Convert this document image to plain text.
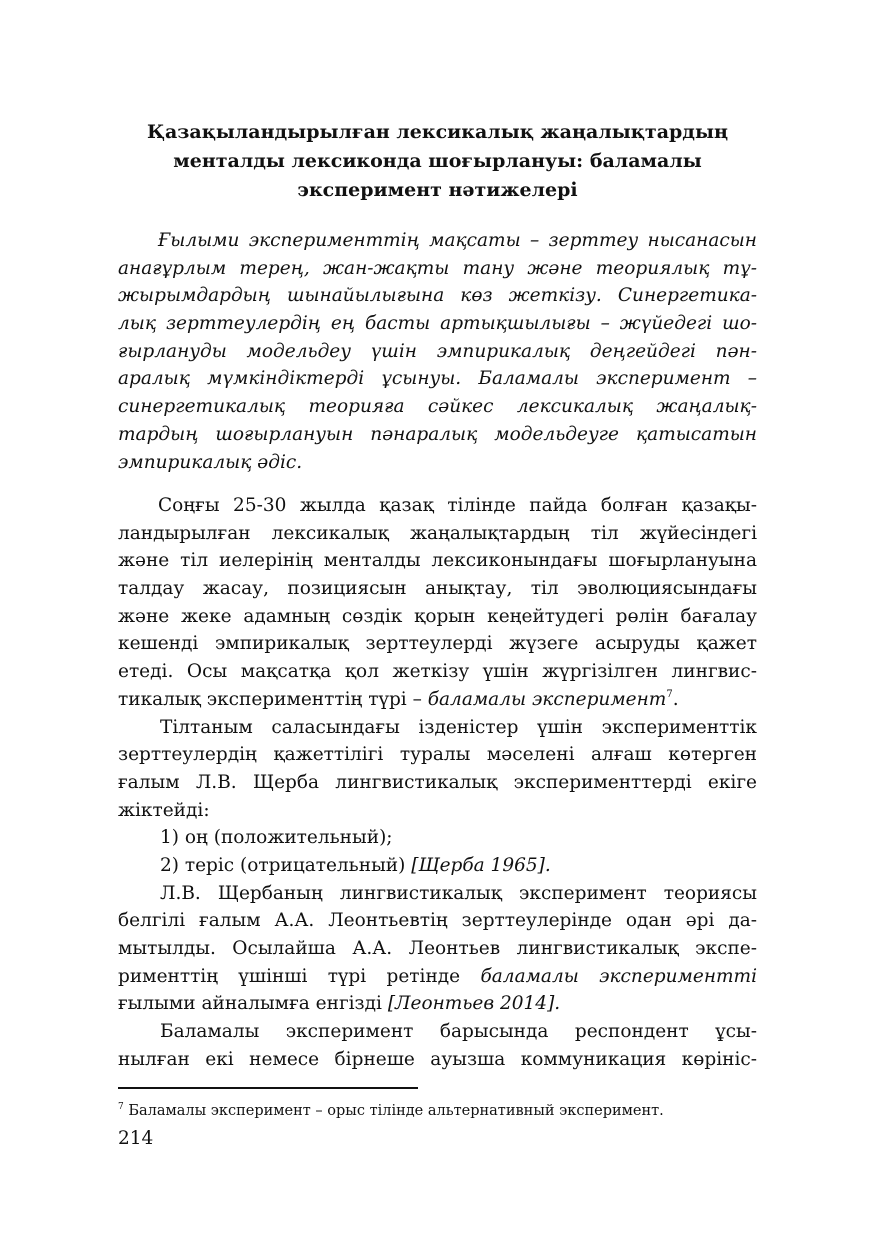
Қазақыландырылған лексикалық жаңалықтардың
менталды лексиконда шоғырлануы: баламалы
эксперимент нәтижелері
Ғылыми эксперименттің мақсаты – зерттеу нысанасын
анағұрлым терең, жан-жақты тану және теориялық тұ-
жырымдардың шынайылығына көз жеткізу. Синергетика-
лық зерттеулердің ең басты артықшылығы – жүйедегі шо-
ғырлануды модельдеу үшін эмпирикалық деңгейдегі пән-
аралық мүмкіндіктерді ұсынуы. Баламалы эксперимент –
синергетикалық теорияға сәйкес лексикалық жаңалық-
тардың шоғырлануын пәнаралық модельдеуге қатысатын
эмпирикалық әдіс.
Соңғы 25-30 жылда қазақ тілінде пайда болған қазақы-
ландырылған лексикалық жаңалықтардың тіл жүйесіндегі
және тіл иелерінің менталды лексиконындағы шоғырлануына
талдау жасау, позициясын анықтау, тіл эволюциясындағы
және жеке адамның сөздік қорын кеңейтудегі рөлін бағалау
кешенді эмпирикалық зерттеулерді жүзеге асыруды қажет
етеді. Осы мақсатқа қол жеткізу үшін жүргізілген лингвис-
тикалық эксперименттің түрі – баламалы эксперимент$^7$.
Тілтаным саласындағы ізденістер үшін эксперименттік
зерттеулердің қажеттілігі туралы мәселені алғаш көтерген
ғалым Л.В. Щерба лингвистикалық эксперименттерді екіге
жіктейді:
1) оң (положительный);
2) теріс (отрицательный) [Щерба 1965].
Л.В. Щербаның лингвистикалық эксперимент теориясы
белгілі ғалым А.А. Леонтьевтің зерттеулерінде одан әрі да-
мытылды. Осылайша А.А. Леонтьев лингвистикалық экспе-
рименттің үшінші түрі ретінде баламалы экспериментті
ғылыми айналымға енгізді [Леонтьев 2014].
Баламалы эксперимент барысында респондент ұсы-
нылған екі немесе бірнеше ауызша коммуникация көрініс-
$^7$ Баламалы эксперимент – орыс тілінде альтернативный эксперимент.
214
